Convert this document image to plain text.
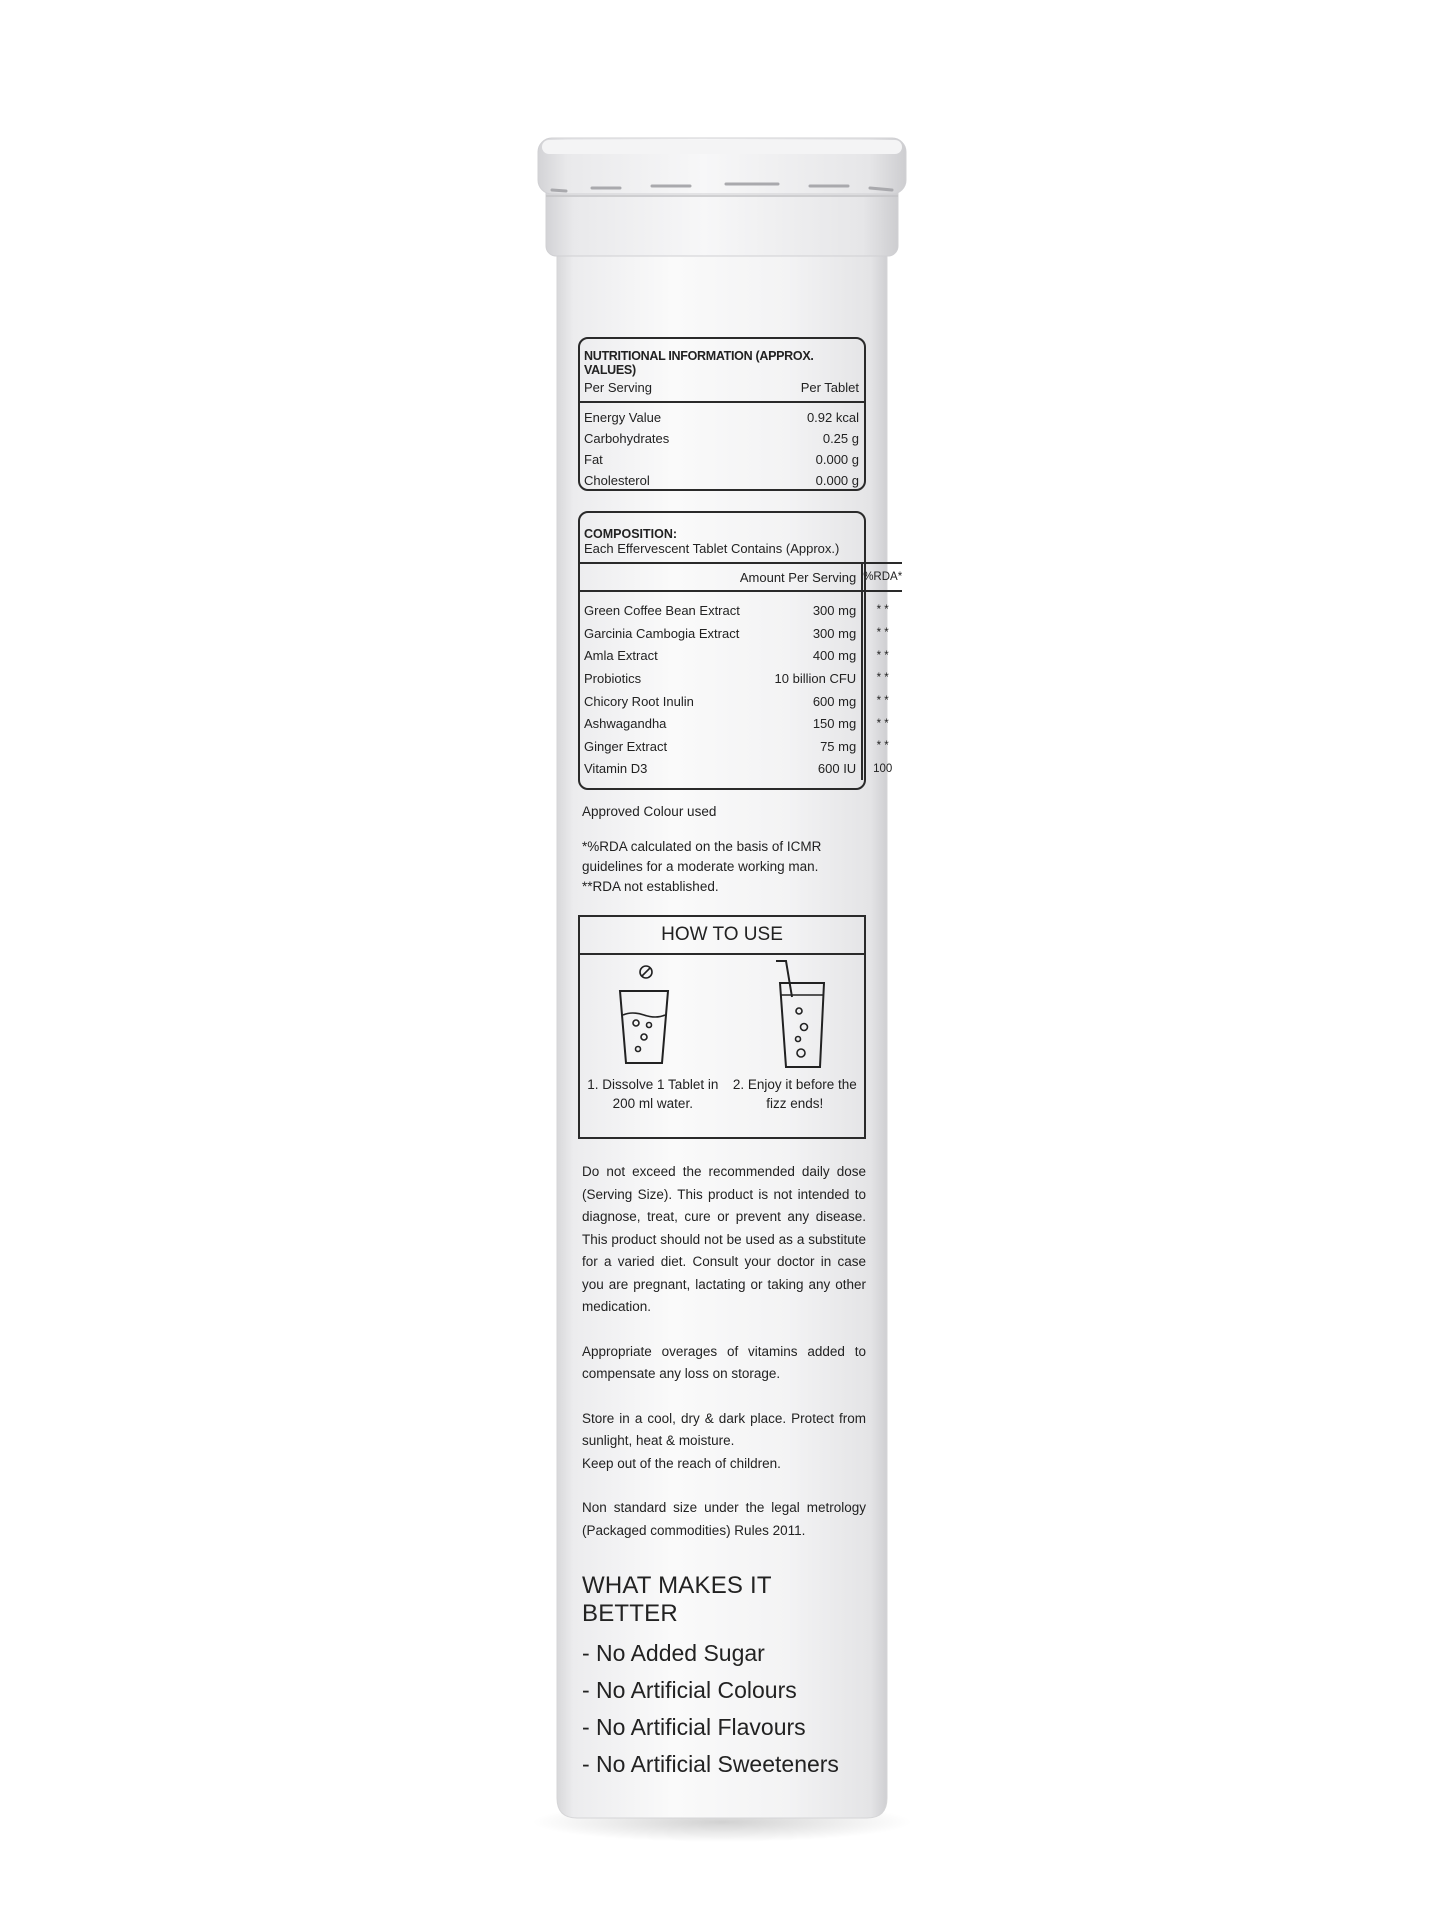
NUTRITIONAL INFORMATION (APPROX. VALUES)
Per Serving	Per Tablet
Energy Value	0.92 kcal
Carbohydrates	0.25 g
Fat	0.000 g
Cholesterol	0.000 g
COMPOSITION:
Each Effervescent Tablet Contains (Approx.)
	Amount Per Serving	%RDA*
Green Coffee Bean Extract	300 mg	* *
Garcinia Cambogia Extract	300 mg	* *
Amla Extract	400 mg	* *
Probiotics	10 billion CFU	* *
Chicory Root Inulin	600 mg	* *
Ashwagandha	150 mg	* *
Ginger Extract	75 mg	* *
Vitamin D3	600 IU	100
Approved Colour used
*%RDA calculated on the basis of ICMR
guidelines for a moderate working man.
**RDA not established.
HOW TO USE
1. Dissolve 1 Tablet in
200 ml water.
2. Enjoy it before the
fizz ends!
Do not exceed the recommended daily dose (Serving Size). This product is not intended to diagnose, treat, cure or prevent any disease. This product should not be used as a substitute for a varied diet. Consult your doctor in case you are pregnant, lactating or taking any other medication.
Appropriate overages of vitamins added to compensate any loss on storage.
Store in a cool, dry & dark place. Protect from sunlight, heat & moisture.
Keep out of the reach of children.
Non standard size under the legal metrology (Packaged commodities) Rules 2011.
WHAT MAKES IT BETTER
- No Added Sugar
- No Artificial Colours
- No Artificial Flavours
- No Artificial Sweeteners
